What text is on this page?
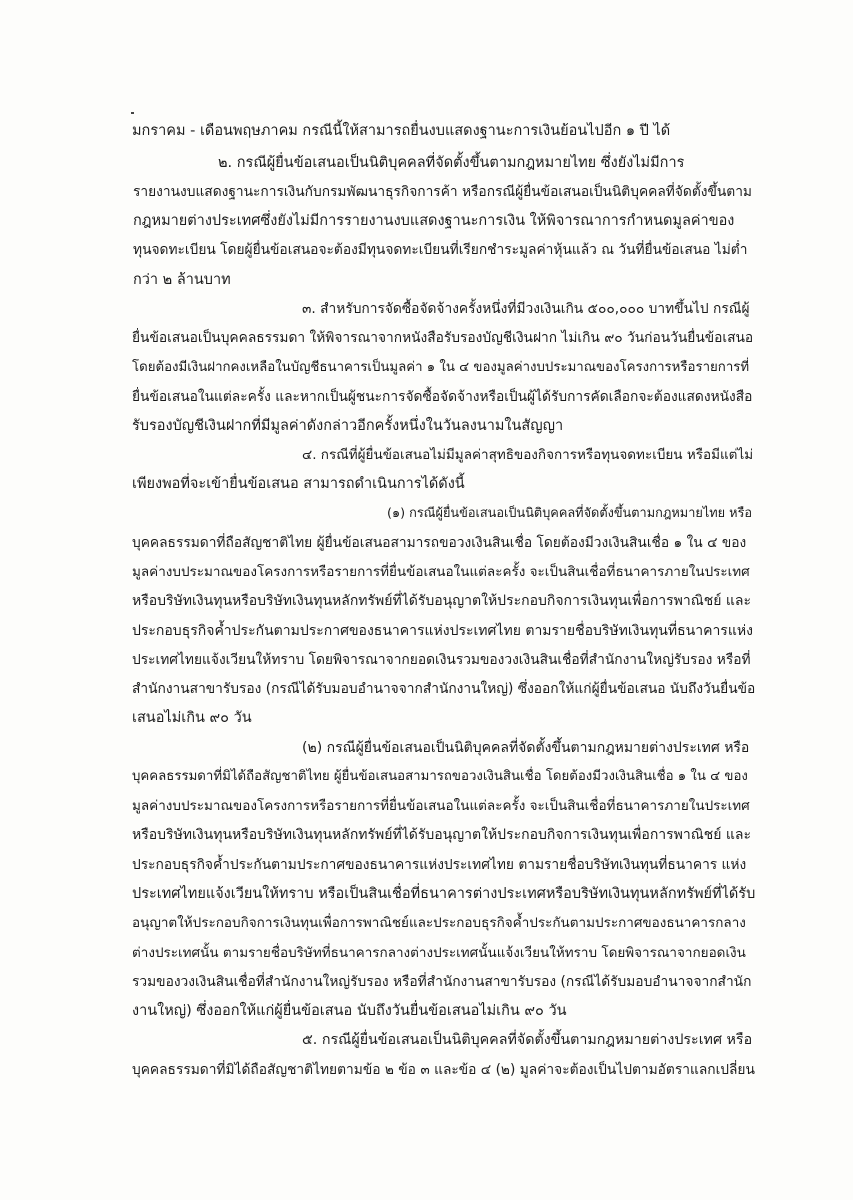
มกราคม - เดือนพฤษภาคม กรณีนี้ให้สามารถยื่นงบแสดงฐานะการเงินย้อนไปอีก ๑ ปี ได้
๒. กรณีผู้ยื่นข้อเสนอเป็นนิติบุคคลที่จัดตั้งขึ้นตามกฎหมายไทย ซึ่งยังไม่มีการ
รายงานงบแสดงฐานะการเงินกับกรมพัฒนาธุรกิจการค้า หรือกรณีผู้ยื่นข้อเสนอเป็นนิติบุคคลที่จัดตั้งขึ้นตาม
กฎหมายต่างประเทศซึ่งยังไม่มีการรายงานงบแสดงฐานะการเงิน ให้พิจารณาการกำหนดมูลค่าของ
ทุนจดทะเบียน โดยผู้ยื่นข้อเสนอจะต้องมีทุนจดทะเบียนที่เรียกชำระมูลค่าหุ้นแล้ว ณ วันที่ยื่นข้อเสนอ ไม่ต่ำ
กว่า ๒ ล้านบาท
๓. สำหรับการจัดซื้อจัดจ้างครั้งหนึ่งที่มีวงเงินเกิน ๕๐๐,๐๐๐ บาทขึ้นไป กรณีผู้
ยื่นข้อเสนอเป็นบุคคลธรรมดา ให้พิจารณาจากหนังสือรับรองบัญชีเงินฝาก ไม่เกิน ๙๐ วันก่อนวันยื่นข้อเสนอ
โดยต้องมีเงินฝากคงเหลือในบัญชีธนาคารเป็นมูลค่า ๑ ใน ๔ ของมูลค่างบประมาณของโครงการหรือรายการที่
ยื่นข้อเสนอในแต่ละครั้ง และหากเป็นผู้ชนะการจัดซื้อจัดจ้างหรือเป็นผู้ได้รับการคัดเลือกจะต้องแสดงหนังสือ
รับรองบัญชีเงินฝากที่มีมูลค่าดังกล่าวอีกครั้งหนึ่งในวันลงนามในสัญญา
๔. กรณีที่ผู้ยื่นข้อเสนอไม่มีมูลค่าสุทธิของกิจการหรือทุนจดทะเบียน หรือมีแต่ไม่
เพียงพอที่จะเข้ายื่นข้อเสนอ สามารถดำเนินการได้ดังนี้
(๑) กรณีผู้ยื่นข้อเสนอเป็นนิติบุคคลที่จัดตั้งขึ้นตามกฎหมายไทย หรือ
บุคคลธรรมดาที่ถือสัญชาติไทย ผู้ยื่นข้อเสนอสามารถขอวงเงินสินเชื่อ โดยต้องมีวงเงินสินเชื่อ ๑ ใน ๔ ของ
มูลค่างบประมาณของโครงการหรือรายการที่ยื่นข้อเสนอในแต่ละครั้ง จะเป็นสินเชื่อที่ธนาคารภายในประเทศ
หรือบริษัทเงินทุนหรือบริษัทเงินทุนหลักทรัพย์ที่ได้รับอนุญาตให้ประกอบกิจการเงินทุนเพื่อการพาณิชย์ และ
ประกอบธุรกิจค้ำประกันตามประกาศของธนาคารแห่งประเทศไทย ตามรายชื่อบริษัทเงินทุนที่ธนาคารแห่ง
ประเทศไทยแจ้งเวียนให้ทราบ โดยพิจารณาจากยอดเงินรวมของวงเงินสินเชื่อที่สำนักงานใหญ่รับรอง หรือที่
สำนักงานสาขารับรอง (กรณีได้รับมอบอำนาจจากสำนักงานใหญ่) ซึ่งออกให้แก่ผู้ยื่นข้อเสนอ นับถึงวันยื่นข้อ
เสนอไม่เกิน ๙๐ วัน
(๒) กรณีผู้ยื่นข้อเสนอเป็นนิติบุคคลที่จัดตั้งขึ้นตามกฎหมายต่างประเทศ หรือ
บุคคลธรรมดาที่มิได้ถือสัญชาติไทย ผู้ยื่นข้อเสนอสามารถขอวงเงินสินเชื่อ โดยต้องมีวงเงินสินเชื่อ ๑ ใน ๔ ของ
มูลค่างบประมาณของโครงการหรือรายการที่ยื่นข้อเสนอในแต่ละครั้ง จะเป็นสินเชื่อที่ธนาคารภายในประเทศ
หรือบริษัทเงินทุนหรือบริษัทเงินทุนหลักทรัพย์ที่ได้รับอนุญาตให้ประกอบกิจการเงินทุนเพื่อการพาณิชย์ และ
ประกอบธุรกิจค้ำประกันตามประกาศของธนาคารแห่งประเทศไทย ตามรายชื่อบริษัทเงินทุนที่ธนาคาร แห่ง
ประเทศไทยแจ้งเวียนให้ทราบ หรือเป็นสินเชื่อที่ธนาคารต่างประเทศหรือบริษัทเงินทุนหลักทรัพย์ที่ได้รับ
อนุญาตให้ประกอบกิจการเงินทุนเพื่อการพาณิชย์และประกอบธุรกิจค้ำประกันตามประกาศของธนาคารกลาง
ต่างประเทศนั้น ตามรายชื่อบริษัทที่ธนาคารกลางต่างประเทศนั้นแจ้งเวียนให้ทราบ โดยพิจารณาจากยอดเงิน
รวมของวงเงินสินเชื่อที่สำนักงานใหญ่รับรอง หรือที่สำนักงานสาขารับรอง (กรณีได้รับมอบอำนาจจากสำนัก
งานใหญ่) ซึ่งออกให้แก่ผู้ยื่นข้อเสนอ นับถึงวันยื่นข้อเสนอไม่เกิน ๙๐ วัน
๕. กรณีผู้ยื่นข้อเสนอเป็นนิติบุคคลที่จัดตั้งขึ้นตามกฎหมายต่างประเทศ หรือ
บุคคลธรรมดาที่มิได้ถือสัญชาติไทยตามข้อ ๒ ข้อ ๓ และข้อ ๔ (๒) มูลค่าจะต้องเป็นไปตามอัตราแลกเปลี่ยน
